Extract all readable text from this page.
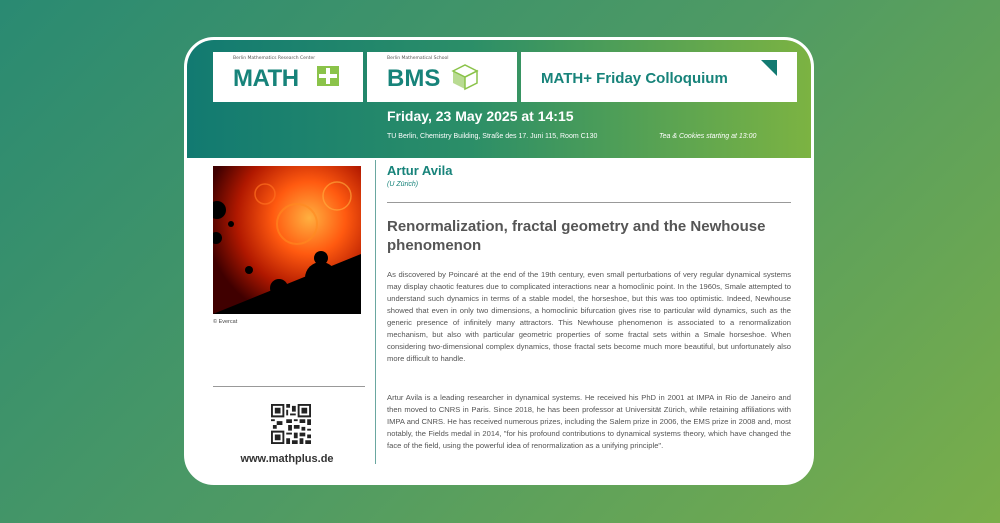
Berlin Mathematics Research Center
MATH
Berlin Mathematical School
BMS	MATH+ Friday Colloquium
Friday, 23 May 2025 at 14:15
TU Berlin, Chemistry Building, Straße des 17. Juni 115, Room C130	Tea & Cookies starting at 13:00
© Evercat
www.mathplus.de
Artur Avila
(U Zürich)
Renormalization, fractal geometry and the Newhouse phenomenon
As discovered by Poincaré at the end of the 19th century, even small perturbations of very regular dynamical systems may display chaotic features due to complicated interactions near a homoclinic point. In the 1960s, Smale attempted to understand such dynamics in terms of a stable model, the horseshoe, but this was too optimistic. Indeed, Newhouse showed that even in only two dimensions, a homoclinic bifurcation gives rise to particular wild dynamics, such as the generic presence of infinitely many attractors. This Newhouse phenomenon is associated to a renormalization mechanism, but also with particular geometric properties of some fractal sets within a Smale horseshoe. When considering two-dimensional complex dynamics, those fractal sets become much more beautiful, but unfortunately also more difficult to handle.
Artur Avila is a leading researcher in dynamical systems. He received his PhD in 2001 at IMPA in Rio de Janeiro and then moved to CNRS in Paris. Since 2018, he has been professor at Universität Zürich, while retaining affiliations with IMPA and CNRS. He has received numerous prizes, including the Salem prize in 2006, the EMS prize in 2008 and, most notably, the Fields medal in 2014, "for his profound contributions to dynamical systems theory, which have changed the face of the field, using the powerful idea of renormalization as a unifying principle".
